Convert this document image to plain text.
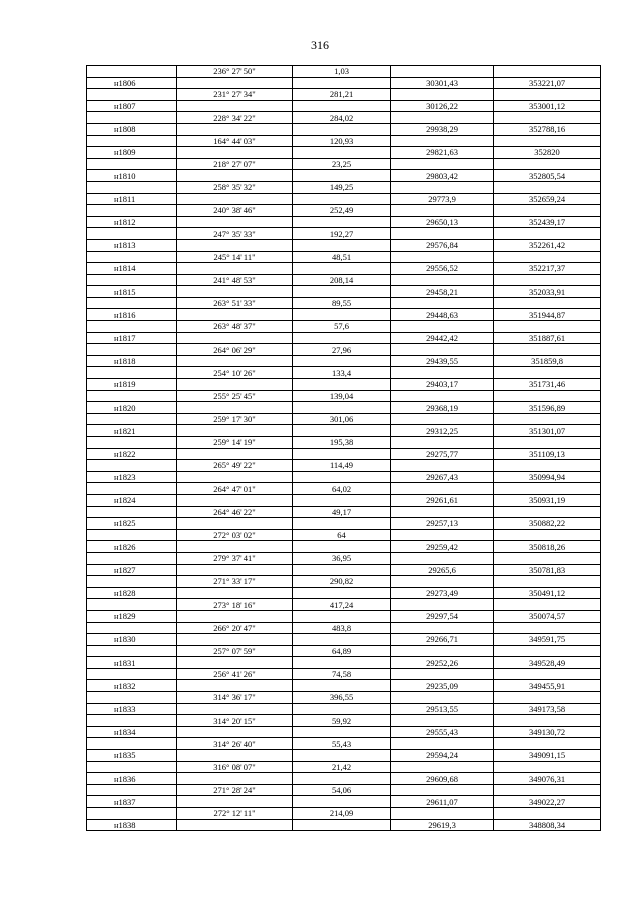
316
	236° 27' 50"	1,03		
н1806			30301,43	353221,07
	231° 27' 34"	281,21		
н1807			30126,22	353001,12
	228° 34' 22"	284,02		
н1808			29938,29	352788,16
	164° 44' 03"	120,93		
н1809			29821,63	352820
	218° 27' 07"	23,25		
н1810			29803,42	352805,54
	258° 35' 32"	149,25		
н1811			29773,9	352659,24
	240° 38' 46"	252,49		
н1812			29650,13	352439,17
	247° 35' 33"	192,27		
н1813			29576,84	352261,42
	245° 14' 11"	48,51		
н1814			29556,52	352217,37
	241° 48' 53"	208,14		
н1815			29458,21	352033,91
	263° 51' 33"	89,55		
н1816			29448,63	351944,87
	263° 48' 37"	57,6		
н1817			29442,42	351887,61
	264° 06' 29"	27,96		
н1818			29439,55	351859,8
	254° 10' 26"	133,4		
н1819			29403,17	351731,46
	255° 25' 45"	139,04		
н1820			29368,19	351596,89
	259° 17' 30"	301,06		
н1821			29312,25	351301,07
	259° 14' 19"	195,38		
н1822			29275,77	351109,13
	265° 49' 22"	114,49		
н1823			29267,43	350994,94
	264° 47' 01"	64,02		
н1824			29261,61	350931,19
	264° 46' 22"	49,17		
н1825			29257,13	350882,22
	272° 03' 02"	64		
н1826			29259,42	350818,26
	279° 37' 41"	36,95		
н1827			29265,6	350781,83
	271° 33' 17"	290,82		
н1828			29273,49	350491,12
	273° 18' 16"	417,24		
н1829			29297,54	350074,57
	266° 20' 47"	483,8		
н1830			29266,71	349591,75
	257° 07' 59"	64,89		
н1831			29252,26	349528,49
	256° 41' 26"	74,58		
н1832			29235,09	349455,91
	314° 36' 17"	396,55		
н1833			29513,55	349173,58
	314° 20' 15"	59,92		
н1834			29555,43	349130,72
	314° 26' 40"	55,43		
н1835			29594,24	349091,15
	316° 08' 07"	21,42		
н1836			29609,68	349076,31
	271° 28' 24"	54,06		
н1837			29611,07	349022,27
	272° 12' 11"	214,09		
н1838			29619,3	348808,34
